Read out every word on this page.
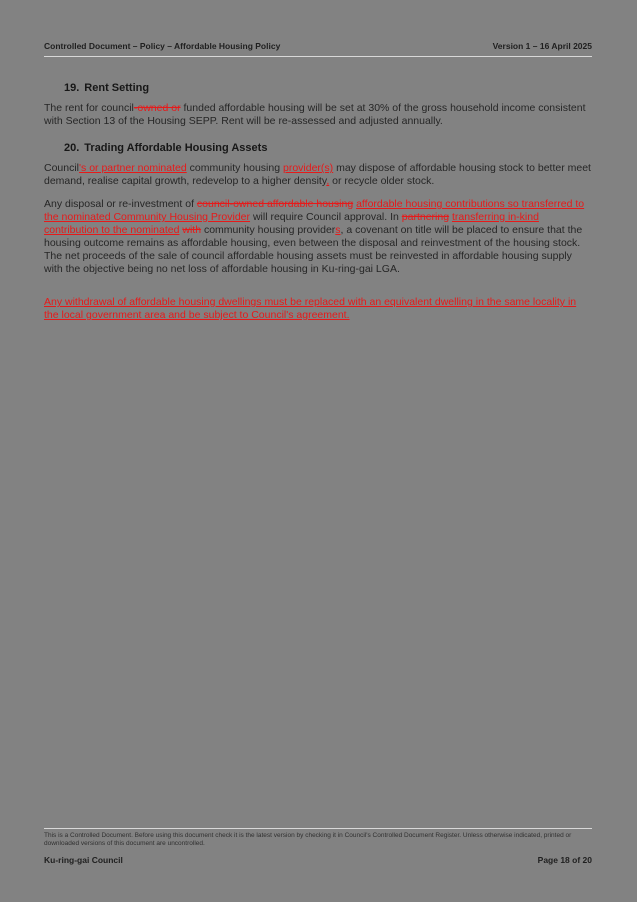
Controlled Document – Policy – Affordable Housing Policy	Version 1 – 16 April 2025
19. Rent Setting

The rent for council-owned or funded affordable housing will be set at 30% of the gross household income consistent with Section 13 of the Housing SEPP. Rent will be re-assessed and adjusted annually.

20. Trading Affordable Housing Assets

Council's or partner nominated community housing provider(s) may dispose of affordable housing stock to better meet demand, realise capital growth, redevelop to a higher density, or recycle older stock.

Any disposal or re-investment of council-owned affordable housing affordable housing contributions so transferred to the nominated Community Housing Provider will require Council approval. In partnering transferring in-kind contribution to the nominated with community housing providers, a covenant on title will be placed to ensure that the housing outcome remains as affordable housing, even between the disposal and reinvestment of the housing stock. The net proceeds of the sale of council affordable housing assets must be reinvested in affordable housing supply with the objective being no net loss of affordable housing in Ku-ring-gai LGA.

Any withdrawal of affordable housing dwellings must be replaced with an equivalent dwelling in the same locality in the local government area and be subject to Council's agreement.

This is a Controlled Document. Before using this document check it is the latest version by checking it in Council's Controlled Document Register. Unless otherwise indicated, printed or downloaded versions of this document are uncontrolled.
Ku-ring-gai Council	Page 18 of 20
